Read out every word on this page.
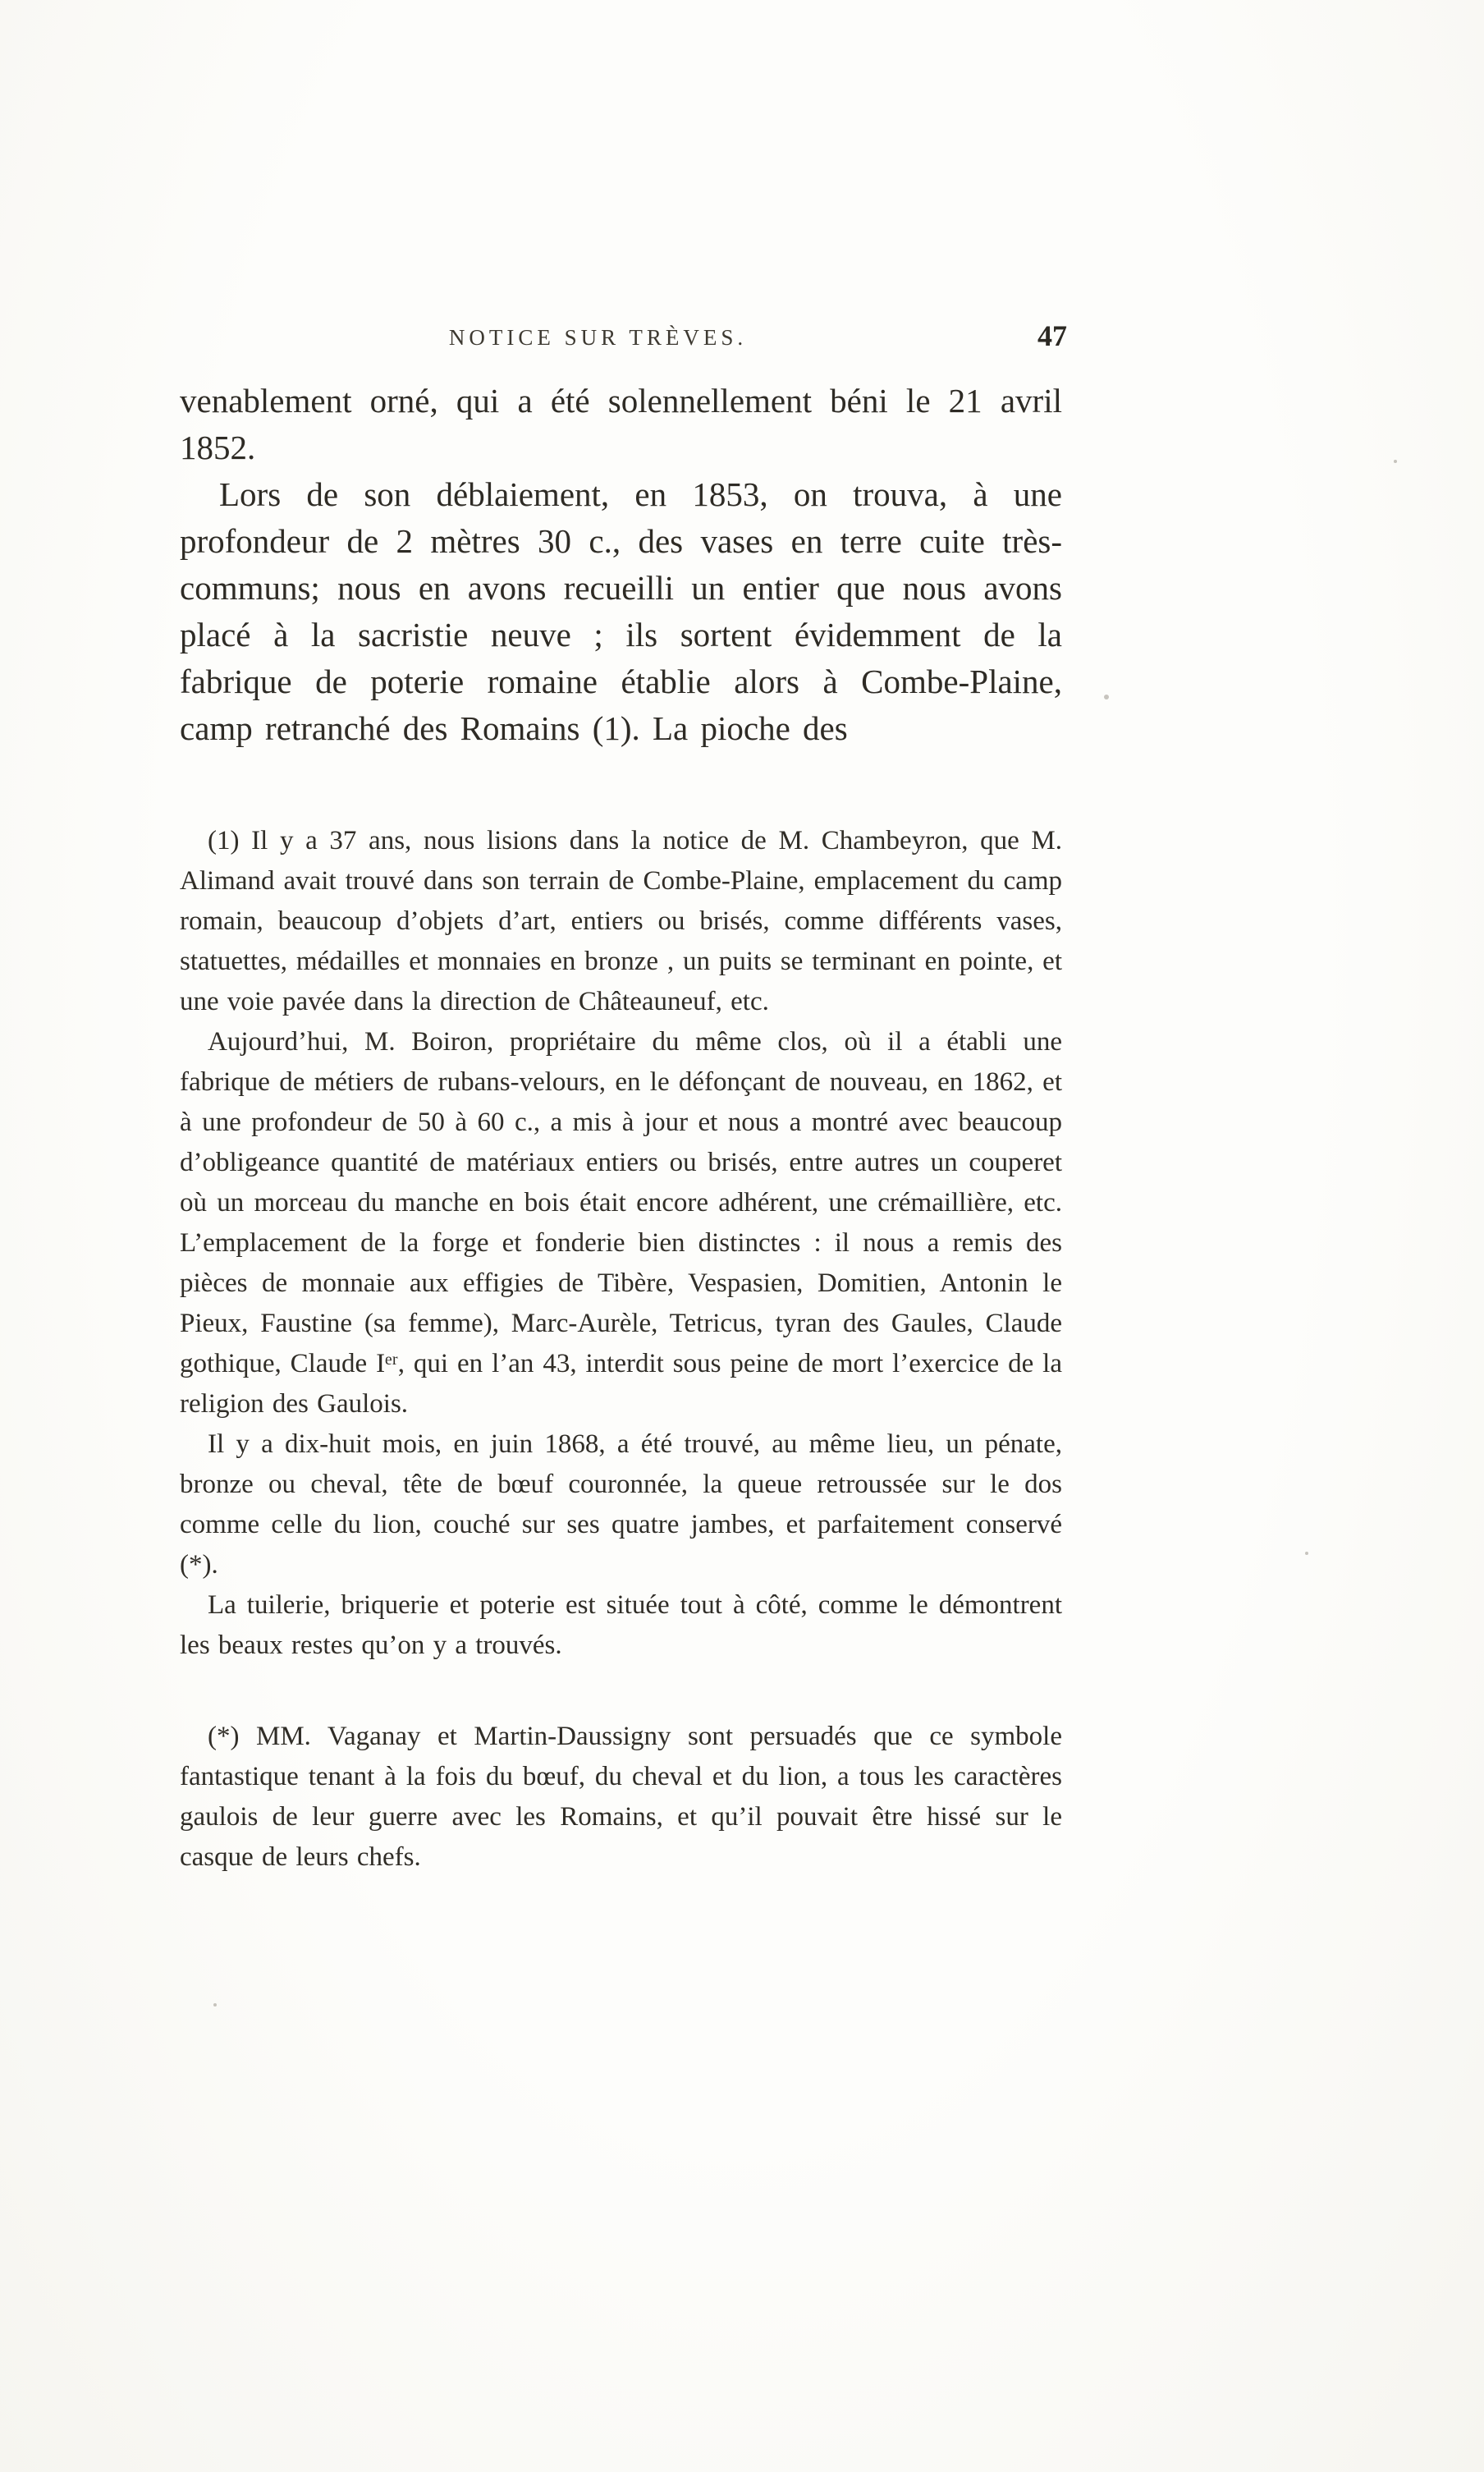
NOTICE SUR TRÈVES.	47

venablement orné, qui a été solennellement béni le 21 avril 1852.

Lors de son déblaiement, en 1853, on trouva, à une profondeur de 2 mètres 30 c., des vases en terre cuite très-communs; nous en avons recueilli un entier que nous avons placé à la sacristie neuve ; ils sortent évidemment de la fabrique de poterie romaine établie alors à Combe-Plaine, camp retranché des Romains (1). La pioche des

(1) Il y a 37 ans, nous lisions dans la notice de M. Chambeyron, que M. Alimand avait trouvé dans son terrain de Combe-Plaine, emplacement du camp romain, beaucoup d’objets d’art, entiers ou brisés, comme différents vases, statuettes, médailles et monnaies en bronze , un puits se terminant en pointe, et une voie pavée dans la direction de Châteauneuf, etc.

Aujourd’hui, M. Boiron, propriétaire du même clos, où il a établi une fabrique de métiers de rubans-velours, en le défonçant de nouveau, en 1862, et à une profondeur de 50 à 60 c., a mis à jour et nous a montré avec beaucoup d’obligeance quantité de matériaux entiers ou brisés, entre autres un couperet où un morceau du manche en bois était encore adhérent, une crémaillière, etc. L’emplacement de la forge et fonderie bien distinctes : il nous a remis des pièces de monnaie aux effigies de Tibère, Vespasien, Domitien, Antonin le Pieux, Faustine (sa femme), Marc-Aurèle, Tetricus, tyran des Gaules, Claude gothique, Claude Iᵉʳ, qui en l’an 43, interdit sous peine de mort l’exercice de la religion des Gaulois.

Il y a dix-huit mois, en juin 1868, a été trouvé, au même lieu, un pénate, bronze ou cheval, tête de bœuf couronnée, la queue retroussée sur le dos comme celle du lion, couché sur ses quatre jambes, et parfaitement conservé (*).

La tuilerie, briquerie et poterie est située tout à côté, comme le démontrent les beaux restes qu’on y a trouvés.

(*) MM. Vaganay et Martin-Daussigny sont persuadés que ce symbole fantastique tenant à la fois du bœuf, du cheval et du lion, a tous les caractères gaulois de leur guerre avec les Romains, et qu’il pouvait être hissé sur le casque de leurs chefs.
